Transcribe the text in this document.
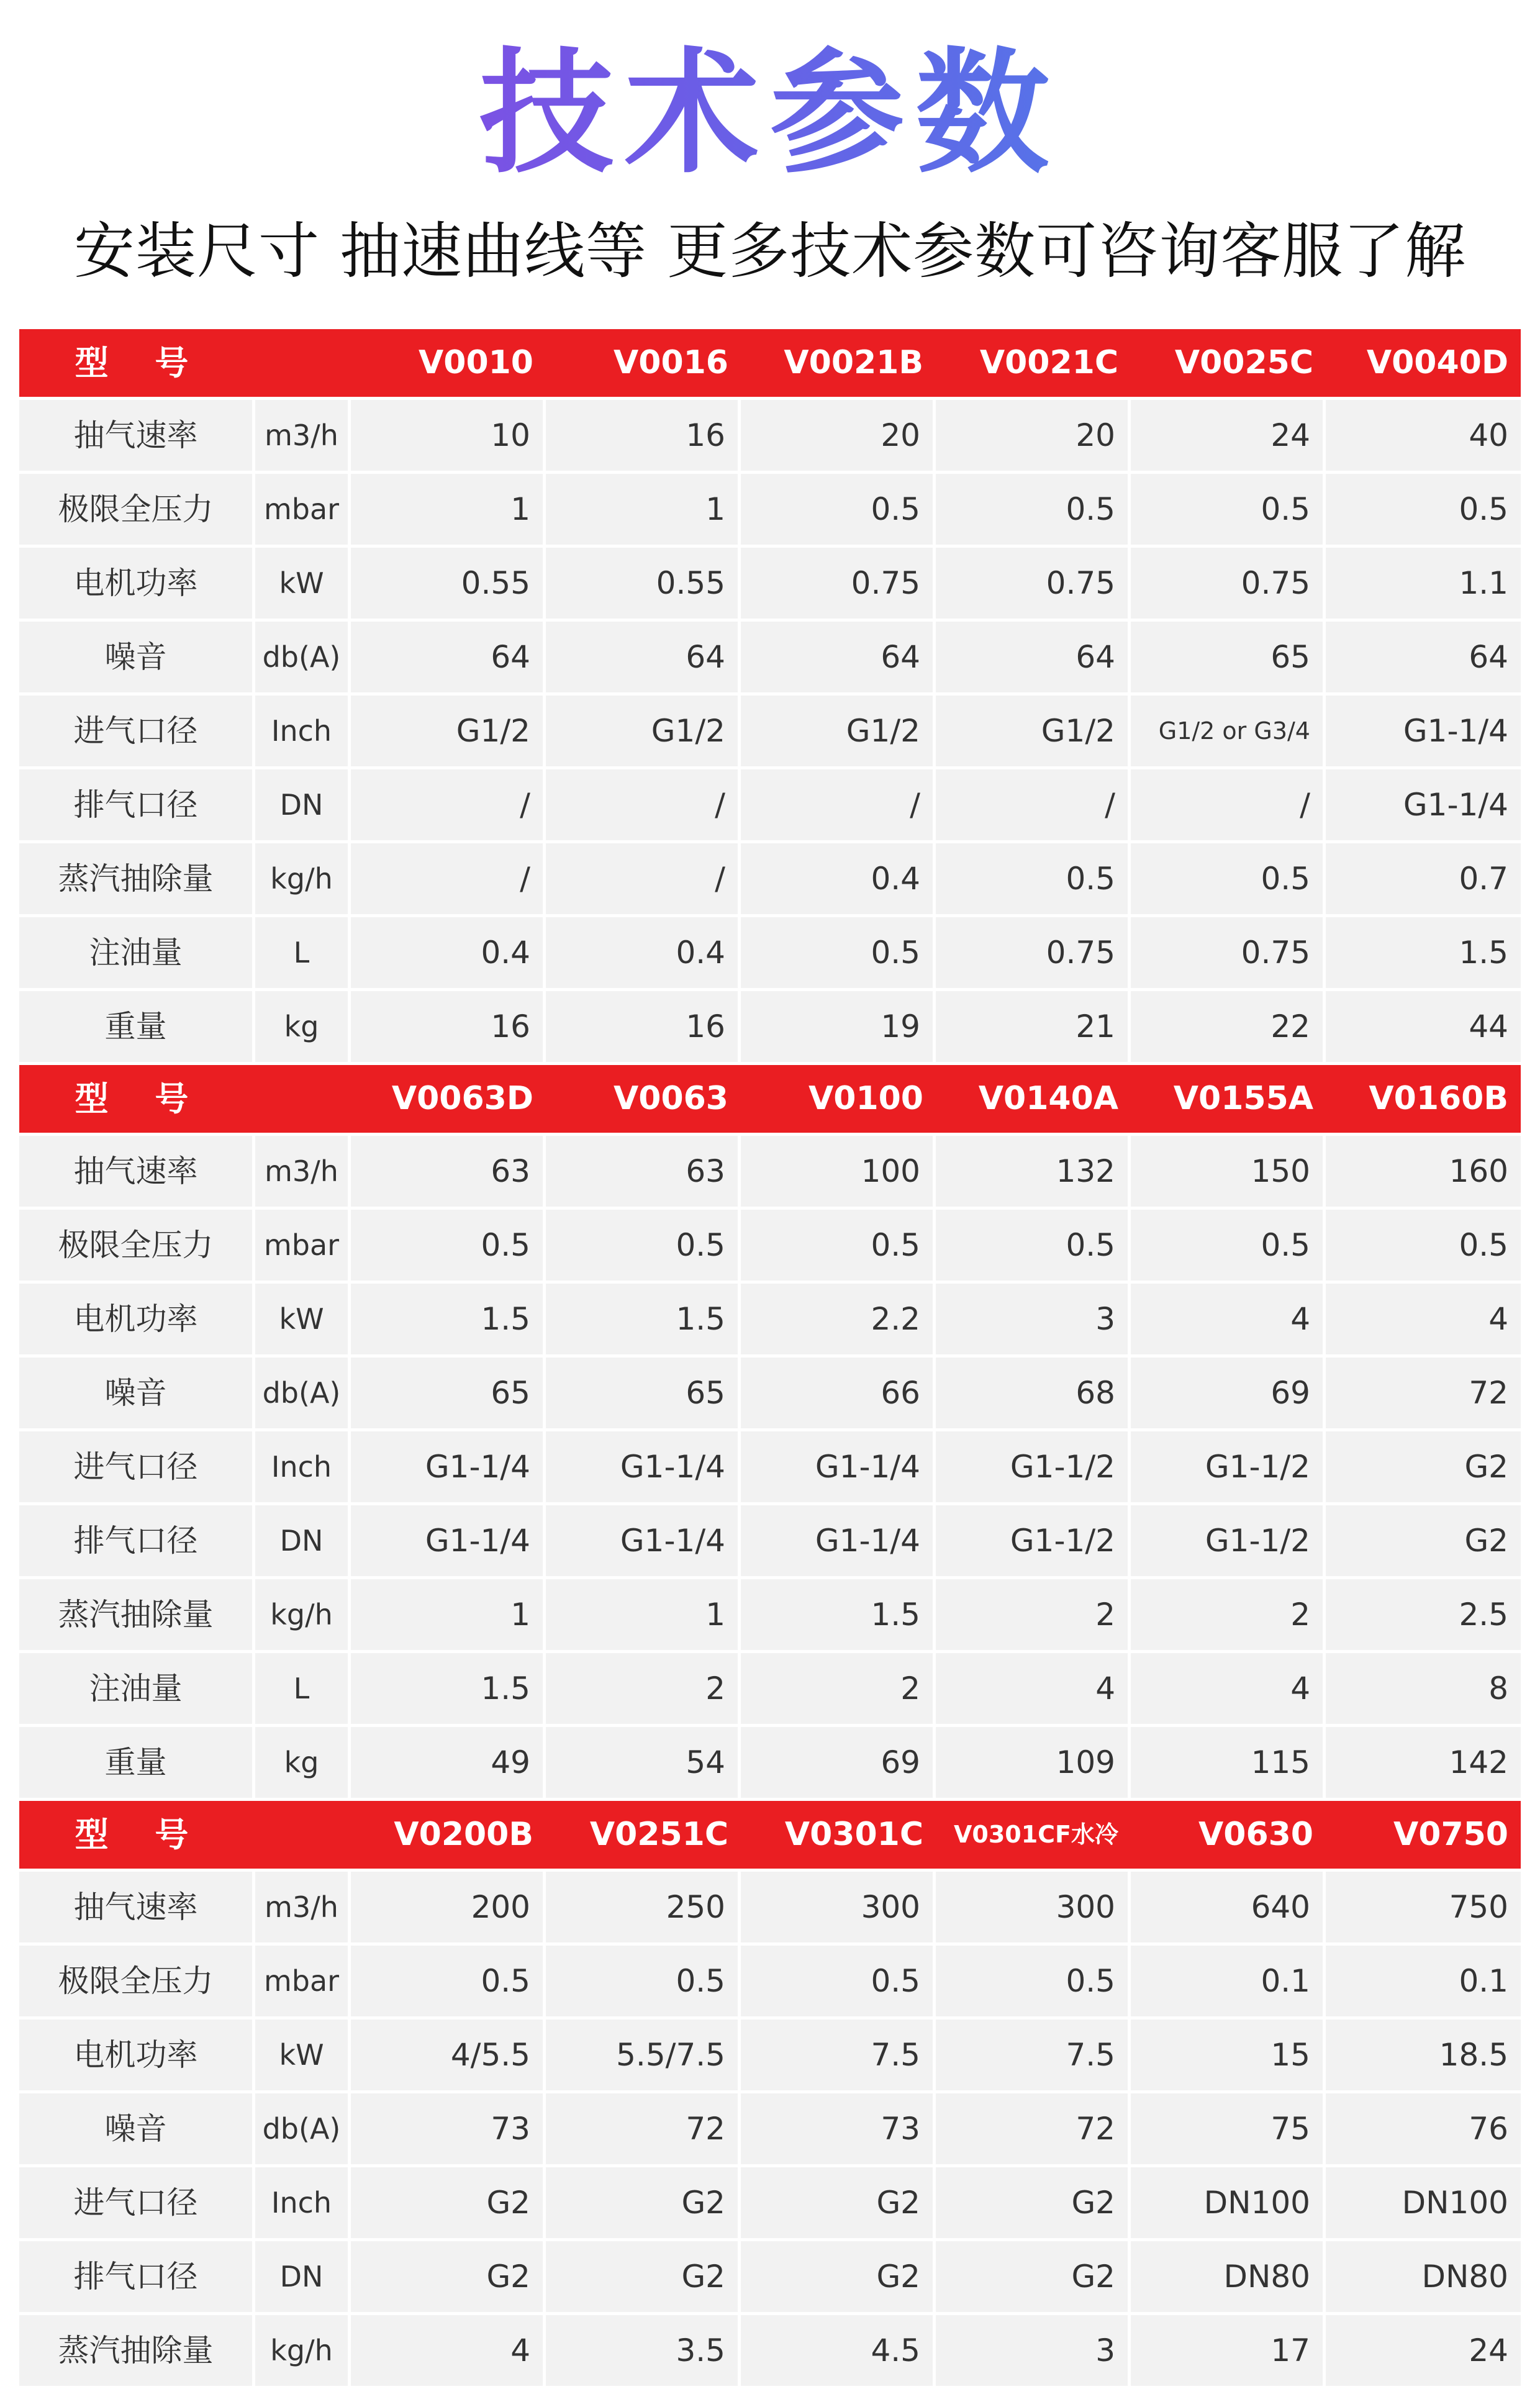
技术参数
安装尺寸 抽速曲线等 更多技术参数可咨询客服了解
型 号	V0010	V0016	V0021B	V0021C	V0025C	V0040D
抽气速率	m3/h	10	16	20	20	24	40
极限全压力	mbar	1	1	0.5	0.5	0.5	0.5
电机功率	kW	0.55	0.55	0.75	0.75	0.75	1.1
噪音	db(A)	64	64	64	64	65	64
进气口径	Inch	G1/2	G1/2	G1/2	G1/2	G1/2 or G3/4	G1-1/4
排气口径	DN	/	/	/	/	/	G1-1/4
蒸汽抽除量	kg/h	/	/	0.4	0.5	0.5	0.7
注油量	L	0.4	0.4	0.5	0.75	0.75	1.5
重量	kg	16	16	19	21	22	44
型 号	V0063D	V0063	V0100	V0140A	V0155A	V0160B
抽气速率	m3/h	63	63	100	132	150	160
极限全压力	mbar	0.5	0.5	0.5	0.5	0.5	0.5
电机功率	kW	1.5	1.5	2.2	3	4	4
噪音	db(A)	65	65	66	68	69	72
进气口径	Inch	G1-1/4	G1-1/4	G1-1/4	G1-1/2	G1-1/2	G2
排气口径	DN	G1-1/4	G1-1/4	G1-1/4	G1-1/2	G1-1/2	G2
蒸汽抽除量	kg/h	1	1	1.5	2	2	2.5
注油量	L	1.5	2	2	4	4	8
重量	kg	49	54	69	109	115	142
型 号	V0200B	V0251C	V0301C	V0301CF水冷	V0630	V0750
抽气速率	m3/h	200	250	300	300	640	750
极限全压力	mbar	0.5	0.5	0.5	0.5	0.1	0.1
电机功率	kW	4/5.5	5.5/7.5	7.5	7.5	15	18.5
噪音	db(A)	73	72	73	72	75	76
进气口径	Inch	G2	G2	G2	G2	DN100	DN100
排气口径	DN	G2	G2	G2	G2	DN80	DN80
蒸汽抽除量	kg/h	4	3.5	4.5	3	17	24
